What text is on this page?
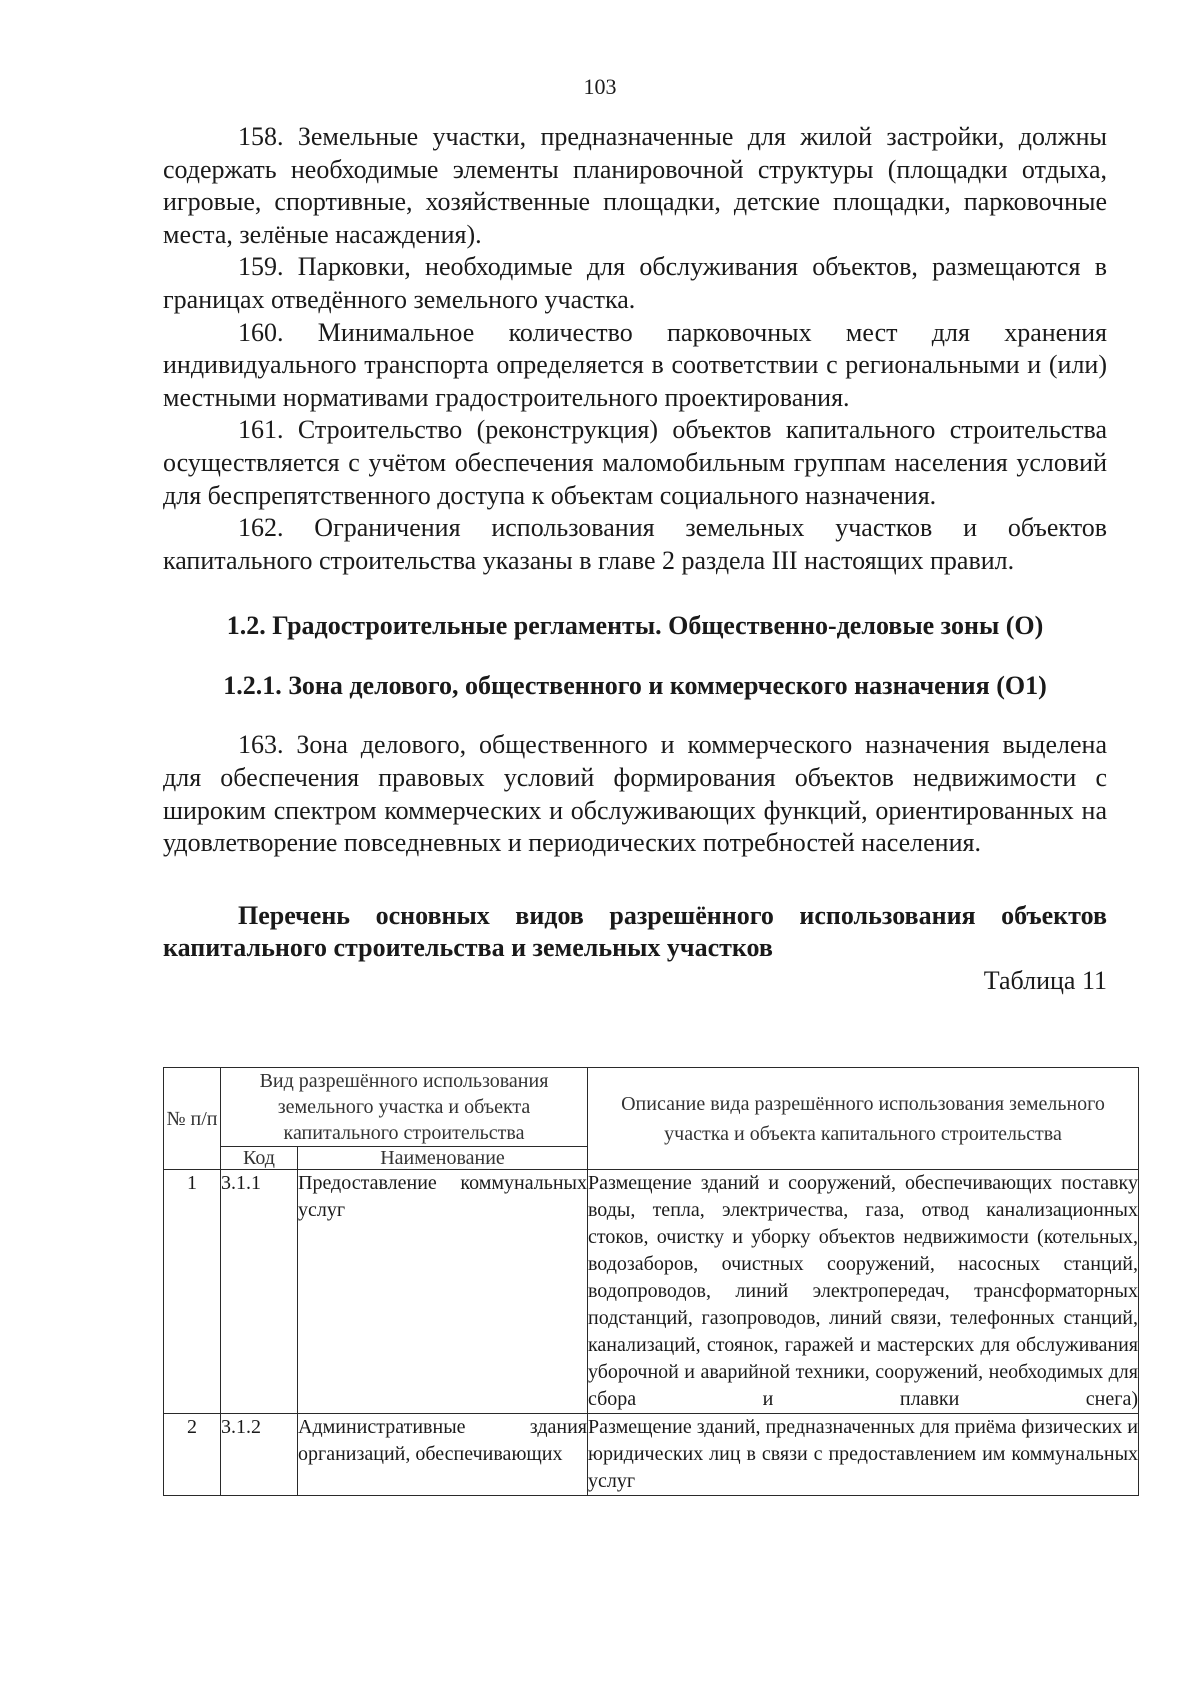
103

158. Земельные участки, предназначенные для жилой застройки, должны содержать необходимые элементы планировочной структуры (площадки отдыха, игровые, спортивные, хозяйственные площадки, детские площадки, парковочные места, зелёные насаждения).

159. Парковки, необходимые для обслуживания объектов, размещаются в границах отведённого земельного участка.

160. Минимальное количество парковочных мест для хранения индивидуального транспорта определяется в соответствии с региональными и (или) местными нормативами градостроительного проектирования.

161. Строительство (реконструкция) объектов капитального строительства осуществляется с учётом обеспечения маломобильным группам населения условий для беспрепятственного доступа к объектам социального назначения.

162. Ограничения использования земельных участков и объектов капитального строительства указаны в главе 2 раздела III настоящих правил.

1.2. Градостроительные регламенты. Общественно-деловые зоны (О)
1.2.1. Зона делового, общественного и коммерческого назначения (О1)

163. Зона делового, общественного и коммерческого назначения выделена для обеспечения правовых условий формирования объектов недвижимости с широким спектром коммерческих и обслуживающих функций, ориентированных на удовлетворение повседневных и периодических потребностей населения.

Перечень основных видов разрешённого использования объектов капитального строительства и земельных участков

Таблица 11

№ п/п	Вид разрешённого использования земельного участка и объекта капитального строительства		Описание вида разрешённого использования земельного участка и объекта капитального строительства
	Код	Наименование	
1	3.1.1	Предоставление коммунальных услуг	Размещение зданий и сооружений, обеспечивающих поставку воды, тепла, электричества, газа, отвод канализационных стоков, очистку и уборку объектов недвижимости (котельных, водозаборов, очистных сооружений, насосных станций, водопроводов, линий электропередач, трансформаторных подстанций, газопроводов, линий связи, телефонных станций, канализаций, стоянок, гаражей и мастерских для обслуживания уборочной и аварийной техники, сооружений, необходимых для сбора и плавки снега)
2	3.1.2	Административные здания организаций, обеспечивающих	Размещение зданий, предназначенных для приёма физических и юридических лиц в связи с предоставлением им коммунальных услуг
